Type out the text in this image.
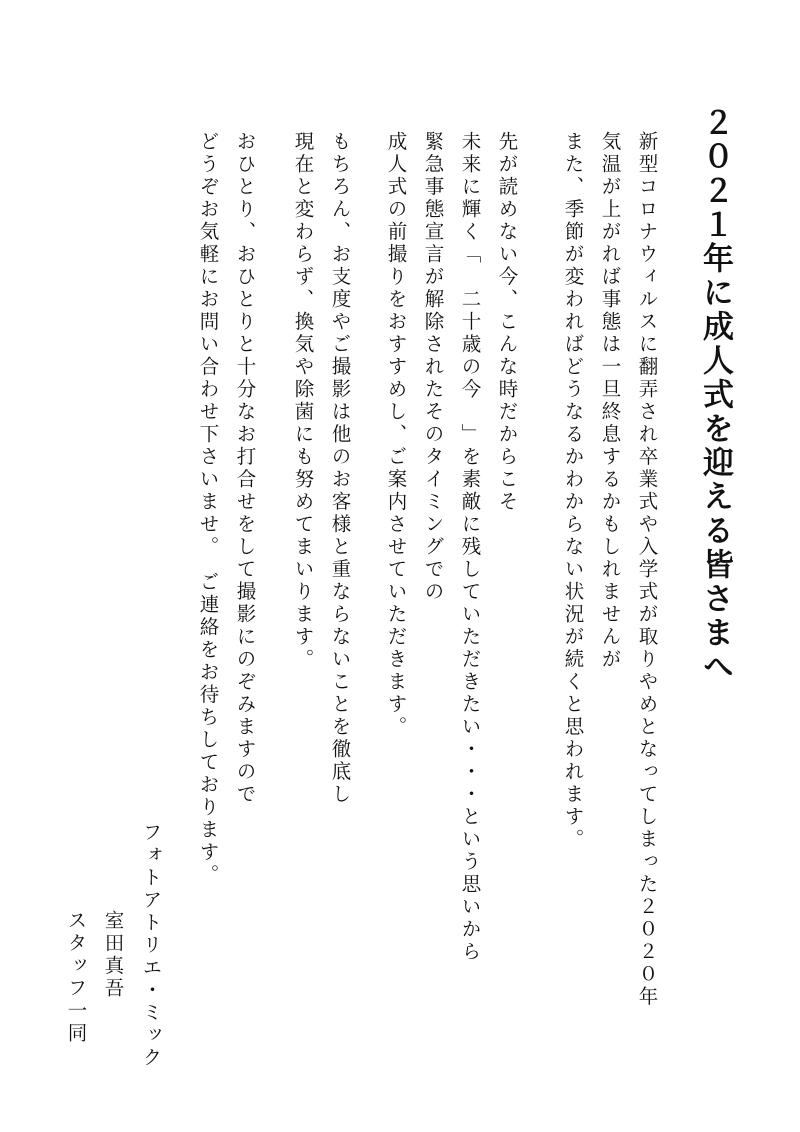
２０２１年に成人式を迎える皆さまへ

新型コロナウィルスに翻弄され卒業式や入学式が取りやめとなってしまった２０２０年

気温が上がれば事態は一旦終息するかもしれませんが

また、季節が変わればどうなるかわからない状況が続くと思われます。

先が読めない今、こんな時だからこそ

未来に輝く「　二十歳の今　」を素敵に残していただきたい・・・という思いから

緊急事態宣言が解除されたそのタイミングでの

成人式の前撮りをおすすめし、ご案内させていただきます。

もちろん、お支度やご撮影は他のお客様と重ならないことを徹底し

現在と変わらず、換気や除菌にも努めてまいります。

おひとり、おひとりと十分なお打合せをして撮影にのぞみますので

どうぞお気軽にお問い合わせ下さいませ。　ご連絡をお待ちしております。

フォトアトリエ・ミック

室田真吾

スタッフ一同
